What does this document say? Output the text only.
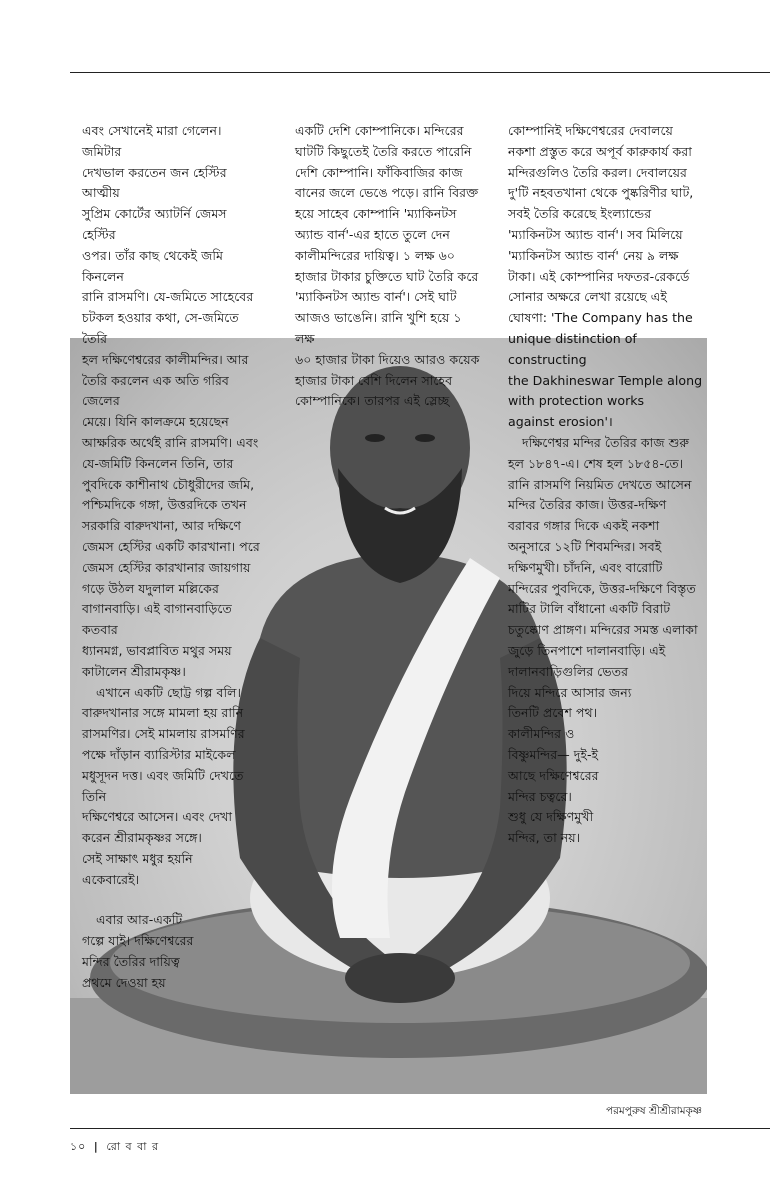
এবং সেখানেই মারা গেলেন। জমিটার
দেখভাল করতেন জন হেস্টির আত্মীয়
সুপ্রিম কোর্টের অ্যাটর্নি জেমস হেস্টির
ওপর। তাঁর কাছ থেকেই জমি কিনলেন
রানি রাসমণি। যে-জমিতে সাহেবের
চটকল হওয়ার কথা, সে-জমিতে তৈরি
হল দক্ষিণেশ্বরের কালীমন্দির। আর
তৈরি করলেন এক অতি গরিব জেলের
মেয়ে। যিনি কালক্রমে হয়েছেন
আক্ষরিক অর্থেই রানি রাসমণি। এবং
যে-জমিটি কিনলেন তিনি, তার
পুবদিকে কাশীনাথ চৌধুরীদের জমি,
পশ্চিমদিকে গঙ্গা, উত্তরদিকে তখন
সরকারি বারুদখানা, আর দক্ষিণে
জেমস হেস্টির একটি কারখানা। পরে
জেমস হেস্টির কারখানার জায়গায়
গড়ে উঠল যদুলাল মল্লিকের
বাগানবাড়ি। এই বাগানবাড়িতে কতবার
ধ্যানমগ্ন, ভাবপ্লাবিত মথুর সময়
কাটালেন শ্রীরামকৃষ্ণ।

এখানে একটি ছোট্ট গল্প বলি।
বারুদখানার সঙ্গে মামলা হয় রানি
রাসমণির। সেই মামলায় রাসমণির
পক্ষে দাঁড়ান ব্যারিস্টার মাইকেল
মধুসূদন দত্ত। এবং জমিটি দেখতে তিনি
দক্ষিণেশ্বরে আসেন। এবং দেখা
করেন শ্রীরামকৃষ্ণর সঙ্গে।
সেই সাক্ষাৎ মধুর হয়নি
একেবারেই।

এবার আর-একটি
গল্পে যাই। দক্ষিণেশ্বরের
মন্দির তৈরির দায়িত্ব
প্রথমে দেওয়া হয়

একটি দেশি কোম্পানিকে। মন্দিরের
ঘাটটি কিছুতেই তৈরি করতে পারেনি
দেশি কোম্পানি। ফাঁকিবাজির কাজ
বানের জলে ভেঙে পড়ে। রানি বিরক্ত
হয়ে সাহেব কোম্পানি 'ম্যাকিনটস
অ্যান্ড বার্ন'-এর হাতে তুলে দেন
কালীমন্দিরের দায়িত্ব। ১ লক্ষ ৬০
হাজার টাকার চুক্তিতে ঘাট তৈরি করে
'ম্যাকিনটস অ্যান্ড বার্ন'। সেই ঘাট
আজও ভাঙেনি। রানি খুশি হয়ে ১ লক্ষ
৬০ হাজার টাকা দিয়েও আরও কয়েক
হাজার টাকা বেশি দিলেন সাহেব
কোম্পানিকে। তারপর এই স্লেচ্ছ

কোম্পানিই দক্ষিণেশ্বরের দেবালয়ে
নকশা প্রস্তুত করে অপূর্ব কারুকার্য করা
মন্দিরগুলিও তৈরি করল। দেবালয়ের
দু'টি নহবতখানা থেকে পুষ্করিণীর ঘাট,
সবই তৈরি করেছে ইংল্যান্ডের
'ম্যাকিনটস অ্যান্ড বার্ন'। সব মিলিয়ে
'ম্যাকিনটস অ্যান্ড বার্ন' নেয় ৯ লক্ষ
টাকা। এই কোম্পানির দফতর-রেকর্ডে
সোনার অক্ষরে লেখা রয়েছে এই
ঘোষণা: 'The Company has the
unique distinction of constructing
the Dakhineswar Temple along
with protection works
against erosion'।

দক্ষিণেশ্বর মন্দির তৈরির কাজ শুরু
হল ১৮৪৭-এ। শেষ হল ১৮৫৪-তে।
রানি রাসমণি নিয়মিত দেখতে আসেন
মন্দির তৈরির কাজ। উত্তর-দক্ষিণ
বরাবর গঙ্গার দিকে একই নকশা
অনুসারে ১২টি শিবমন্দির। সবই
দক্ষিণমুখী। চাঁদনি, এবং বারোটি
মন্দিরের পুবদিকে, উত্তর-দক্ষিণে বিস্তৃত
মাটির টালি বাঁধানো একটি বিরাট
চতুষ্কোণ প্রাঙ্গণ। মন্দিরের সমস্ত এলাকা
জুড়ে তিনপাশে দালানবাড়ি। এই
দালানবাড়িগুলির ভেতর
দিয়ে মন্দিরে আসার জন্য
তিনটি প্রবেশ পথ।
কালীমন্দির ও
বিষ্ণুমন্দির— দুই-ই
আছে দক্ষিণেশ্বরের
মন্দির চত্বরে।
শুধু যে দক্ষিণমুখী
মন্দির, তা নয়।

পরমপুরুষ শ্রীশ্রীরামকৃষ্ণ
১০ | রো ব বা র
